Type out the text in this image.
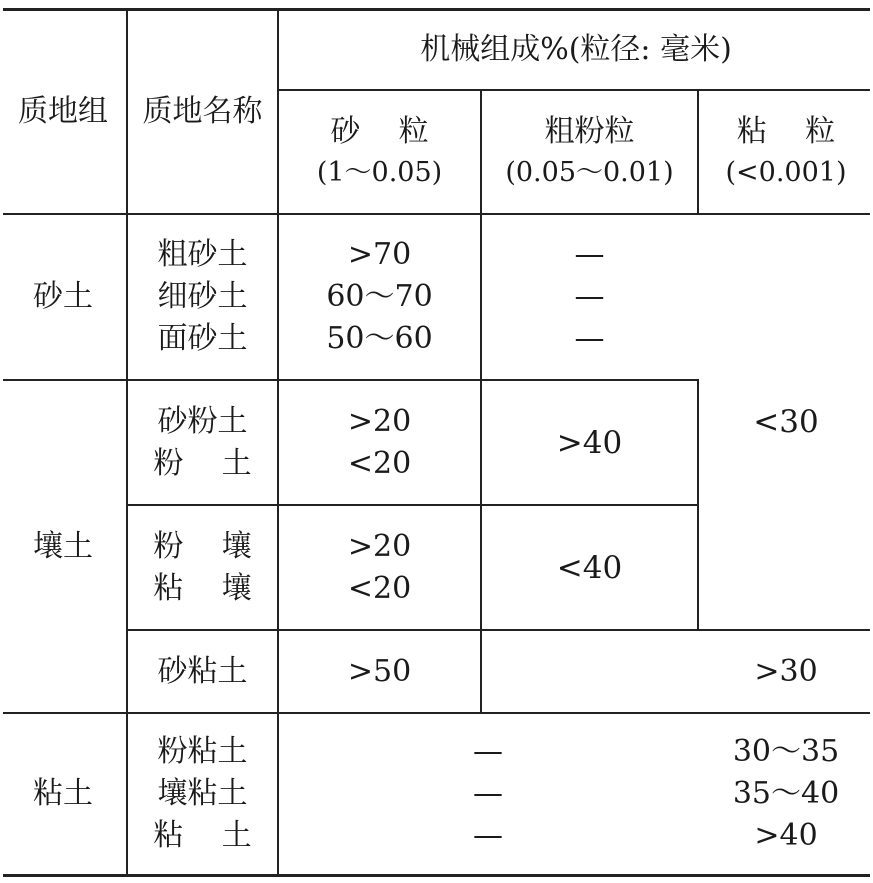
质地组 质地名称
机械组成%(粒径: 毫米)
砂    粒
(1～0.05)
粗粉粒
(0.05～0.01)
粘    粒
(<0.001)
砂土
粗砂土
细砂土
面砂土
>70
60～70
50～60
—
—
—
<30
壤土
砂粉土
粉    土
>20
<20
>40
粉    壤
粘    壤
>20
<20
<40
砂粘土	>50	>30
粘土
粉粘土
壤粘土
粘    土
—
—
—
30～35
35～40
>40
